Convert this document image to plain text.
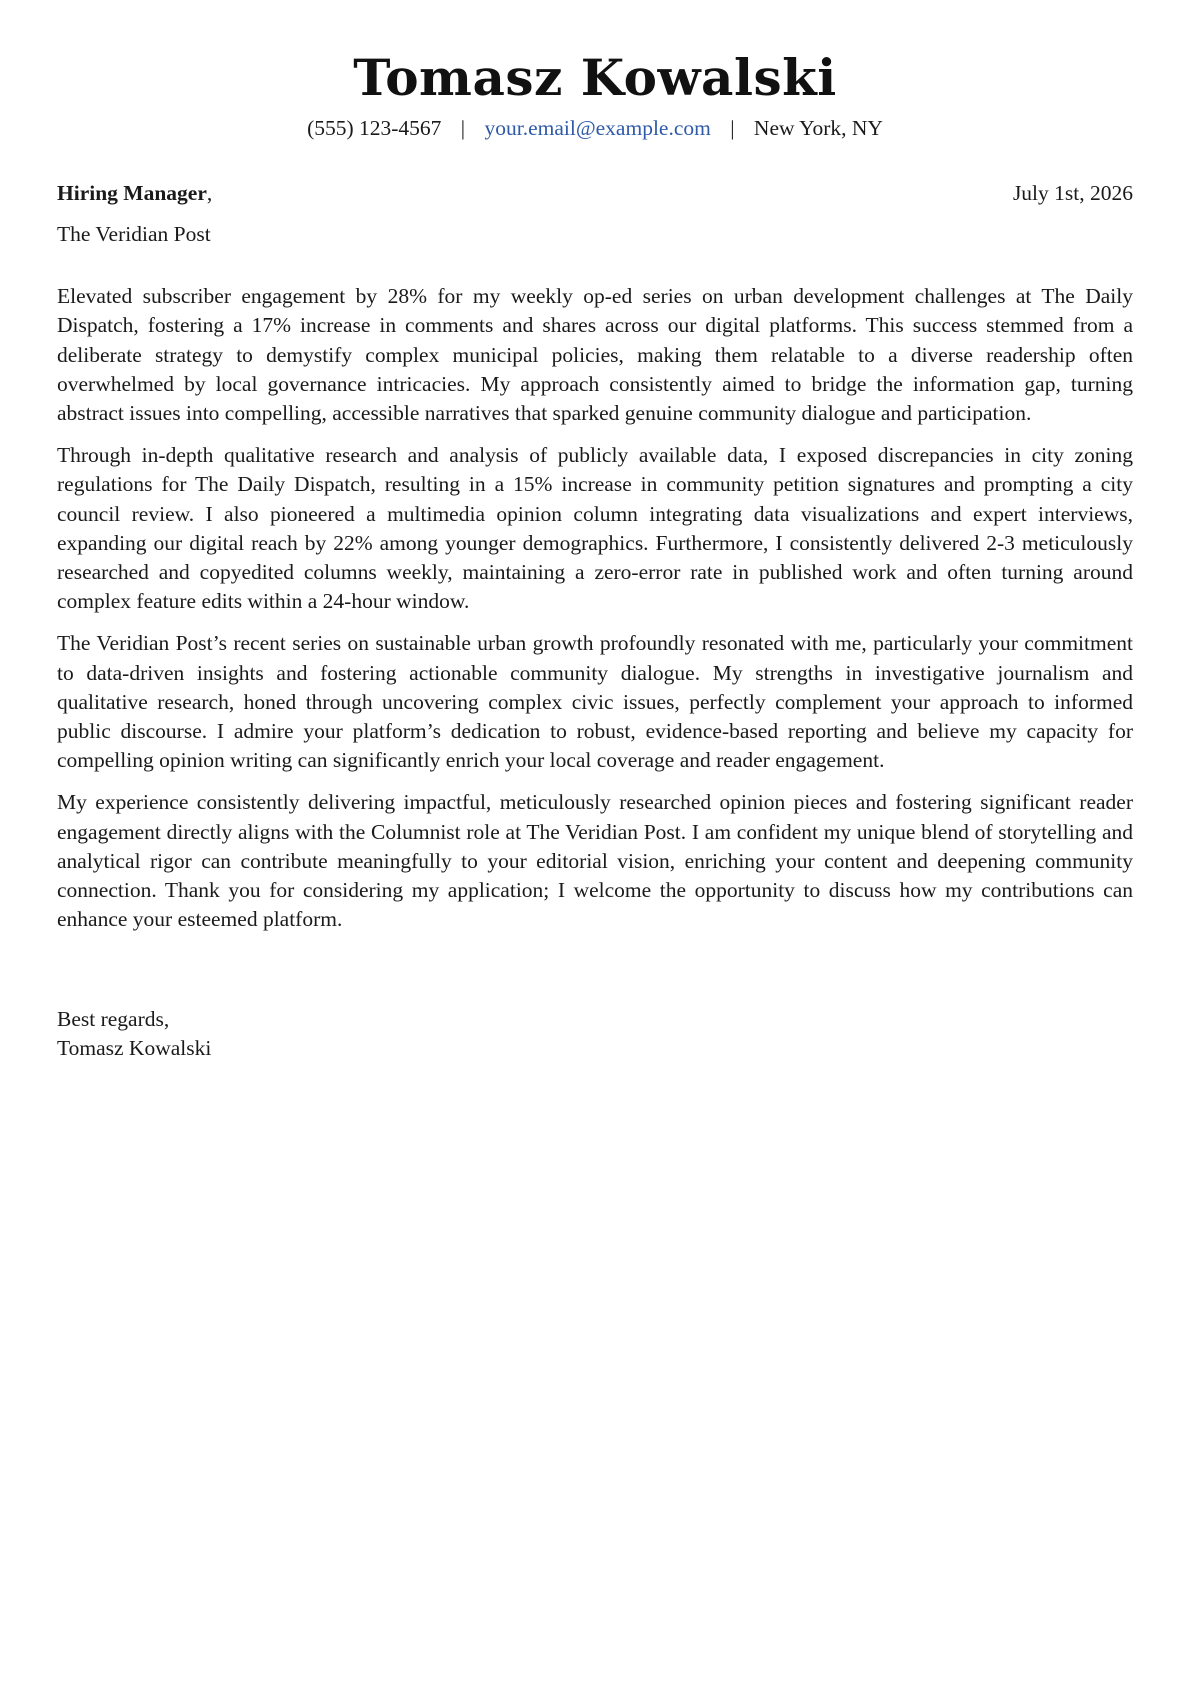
Tomasz Kowalski
(555) 123-4567 | your.email@example.com | New York, NY
Hiring Manager,	July 1st, 2026
The Veridian Post

Elevated subscriber engagement by 28% for my weekly op-ed series on urban development challenges at The Daily Dispatch, fostering a 17% increase in comments and shares across our digital platforms. This success stemmed from a deliberate strategy to demystify complex municipal policies, making them relatable to a diverse readership often overwhelmed by local governance intricacies. My approach consistently aimed to bridge the information gap, turning abstract issues into compelling, accessible narratives that sparked genuine community dialogue and participation.

Through in-depth qualitative research and analysis of publicly available data, I exposed discrepancies in city zoning regulations for The Daily Dispatch, resulting in a 15% increase in community petition signatures and prompting a city council review. I also pioneered a multimedia opinion column integrating data visualizations and expert interviews, expanding our digital reach by 22% among younger demographics. Furthermore, I consistently delivered 2-3 meticulously researched and copyedited columns weekly, maintaining a zero-error rate in published work and often turning around complex feature edits within a 24-hour window.

The Veridian Post’s recent series on sustainable urban growth profoundly resonated with me, particularly your commitment to data-driven insights and fostering actionable community dialogue. My strengths in investigative journalism and qualitative research, honed through uncovering complex civic issues, perfectly complement your approach to informed public discourse. I admire your platform’s dedication to robust, evidence-based reporting and believe my capacity for compelling opinion writing can significantly enrich your local coverage and reader engagement.

My experience consistently delivering impactful, meticulously researched opinion pieces and fostering significant reader engagement directly aligns with the Columnist role at The Veridian Post. I am confident my unique blend of storytelling and analytical rigor can contribute meaningfully to your editorial vision, enriching your content and deepening community connection. Thank you for considering my application; I welcome the opportunity to discuss how my contributions can enhance your esteemed platform.

Best regards,
Tomasz Kowalski
